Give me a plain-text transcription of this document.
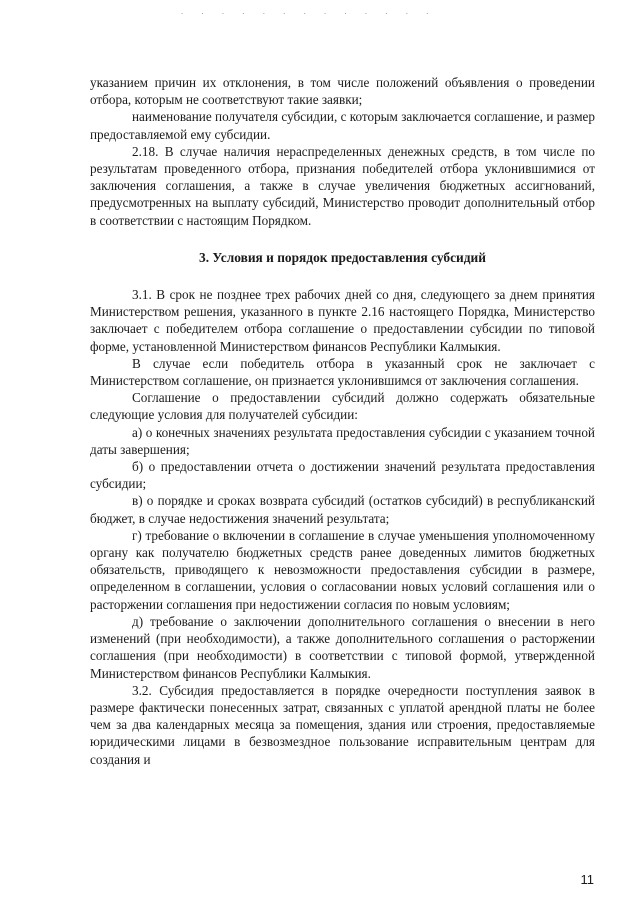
. . . . . . . . . . . . .

указанием причин их отклонения, в том числе положений объявления о проведении отбора, которым не соответствуют такие заявки;

наименование получателя субсидии, с которым заключается соглашение, и размер предоставляемой ему субсидии.

2.18. В случае наличия нераспределенных денежных средств, в том числе по результатам проведенного отбора, признания победителей отбора уклонившимися от заключения соглашения, а также в случае увеличения бюджетных ассигнований, предусмотренных на выплату субсидий, Министерство проводит дополнительный отбор в соответствии с настоящим Порядком.

3. Условия и порядок предоставления субсидий

3.1. В срок не позднее трех рабочих дней со дня, следующего за днем принятия Министерством решения, указанного в пункте 2.16 настоящего Порядка, Министерство заключает с победителем отбора соглашение о предоставлении субсидии по типовой форме, установленной Министерством финансов Республики Калмыкия.

В случае если победитель отбора в указанный срок не заключает с Министерством соглашение, он признается уклонившимся от заключения соглашения.

Соглашение о предоставлении субсидий должно содержать обязательные следующие условия для получателей субсидии:

а) о конечных значениях результата предоставления субсидии с указанием точной даты завершения;

б) о предоставлении отчета о достижении значений результата предоставления субсидии;

в) о порядке и сроках возврата субсидий (остатков субсидий) в республиканский бюджет, в случае недостижения значений результата;

г) требование о включении в соглашение в случае уменьшения уполномоченному органу как получателю бюджетных средств ранее доведенных лимитов бюджетных обязательств, приводящего к невозможности предоставления субсидии в размере, определенном в соглашении, условия о согласовании новых условий соглашения или о расторжении соглашения при недостижении согласия по новым условиям;

д) требование о заключении дополнительного соглашения о внесении в него изменений (при необходимости), а также дополнительного соглашения о расторжении соглашения (при необходимости) в соответствии с типовой формой, утвержденной Министерством финансов Республики Калмыкия.

3.2. Субсидия предоставляется в порядке очередности поступления заявок в размере фактически понесенных затрат, связанных с уплатой арендной платы не более чем за два календарных месяца за помещения, здания или строения, предоставляемые юридическими лицами в безвозмездное пользование исправительным центрам для создания и

11
